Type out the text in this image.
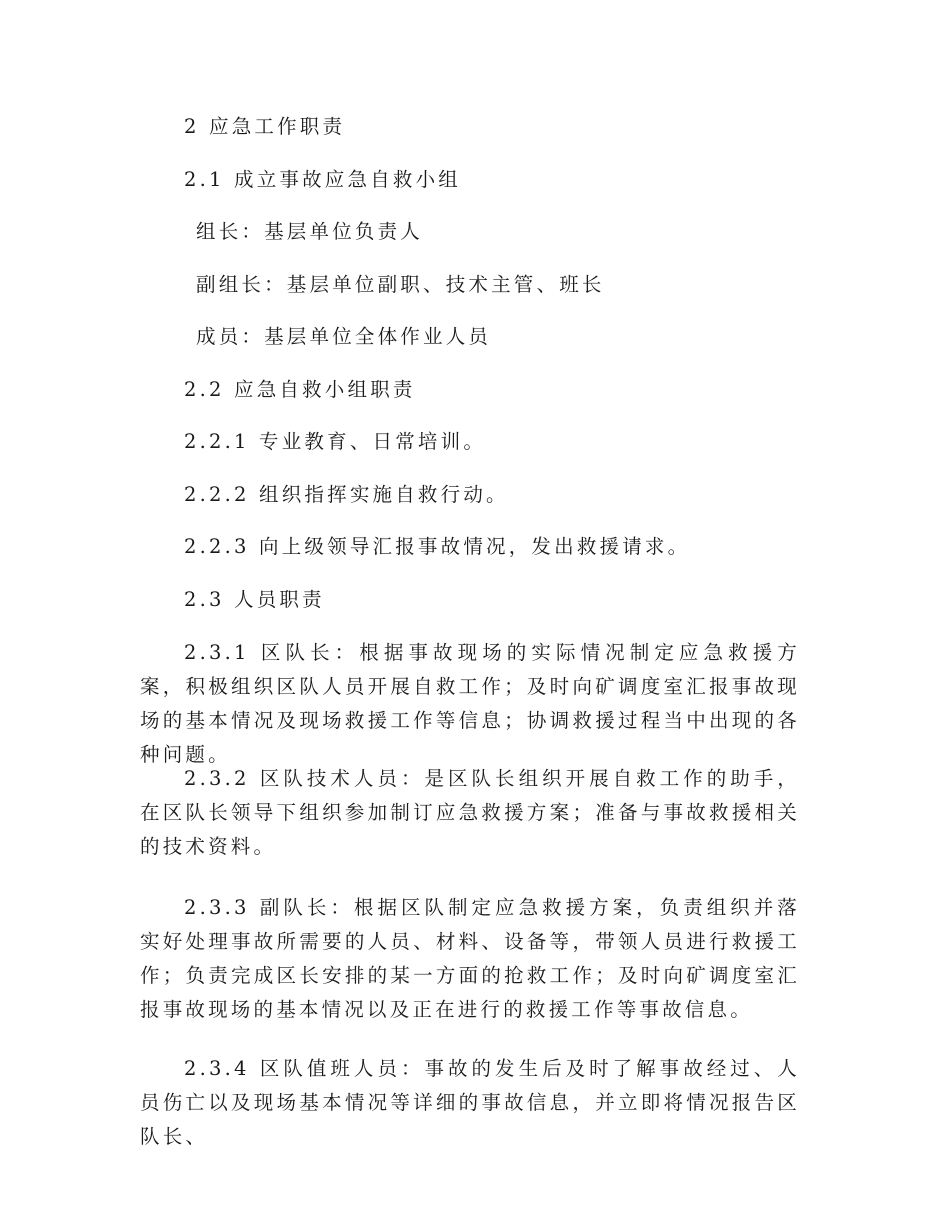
2 应急工作职责
2.1 成立事故应急自救小组
组长：基层单位负责人
副组长：基层单位副职、技术主管、班长
成员：基层单位全体作业人员
2.2 应急自救小组职责
2.2.1 专业教育、日常培训。
2.2.2 组织指挥实施自救行动。
2.2.3 向上级领导汇报事故情况，发出救援请求。
2.3 人员职责
2.3.1 区队长：根据事故现场的实际情况制定应急救援方案，积极组织区队人员开展自救工作；及时向矿调度室汇报事故现场的基本情况及现场救援工作等信息；协调救援过程当中出现的各种问题。
2.3.2 区队技术人员：是区队长组织开展自救工作的助手，在区队长领导下组织参加制订应急救援方案；准备与事故救援相关的技术资料。
2.3.3 副队长：根据区队制定应急救援方案，负责组织并落实好处理事故所需要的人员、材料、设备等，带领人员进行救援工作；负责完成区长安排的某一方面的抢救工作；及时向矿调度室汇报事故现场的基本情况以及正在进行的救援工作等事故信息。
2.3.4 区队值班人员：事故的发生后及时了解事故经过、人员伤亡以及现场基本情况等详细的事故信息，并立即将情况报告区队长、
